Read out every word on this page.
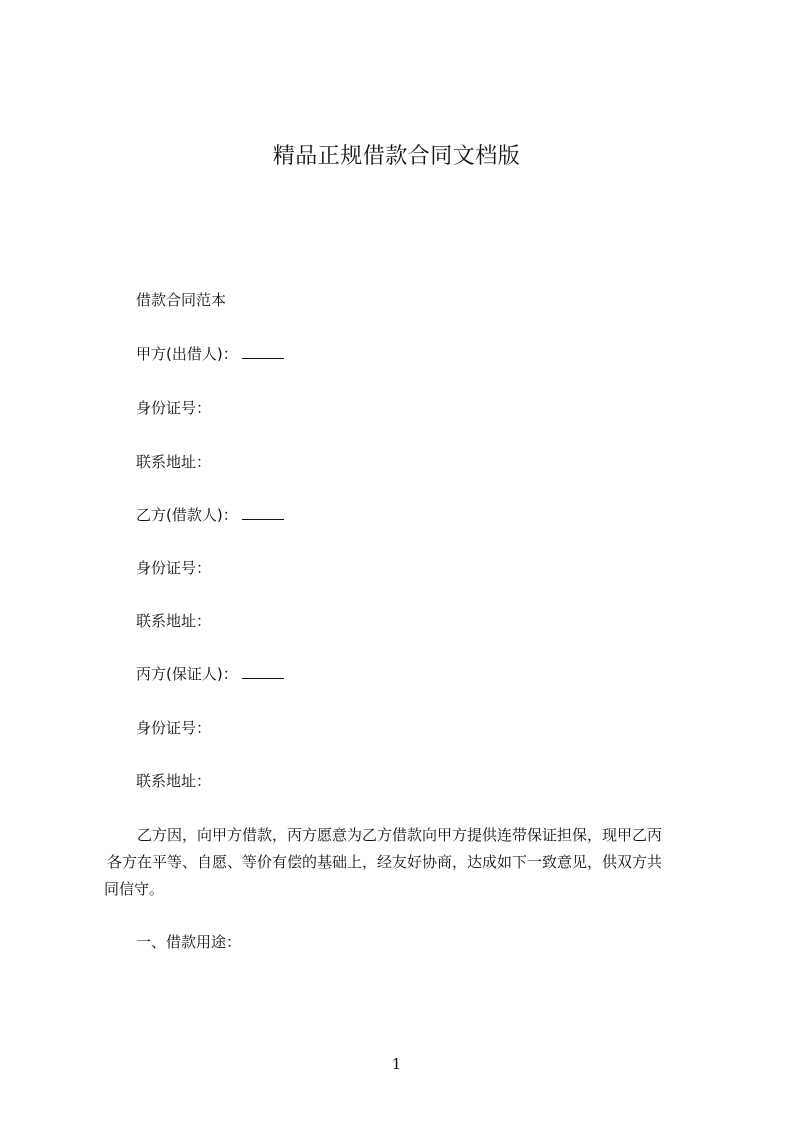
精品正规借款合同文档版
借款合同范本
甲方(出借人)：
身份证号：
联系地址：
乙方(借款人)：
身份证号：
联系地址：
丙方(保证人)：
身份证号：
联系地址：
乙方因，向甲方借款，丙方愿意为乙方借款向甲方提供连带保证担保，现甲乙丙
各方在平等、自愿、等价有偿的基础上，经友好协商，达成如下一致意见，供双方共
同信守。
一、借款用途：
1
